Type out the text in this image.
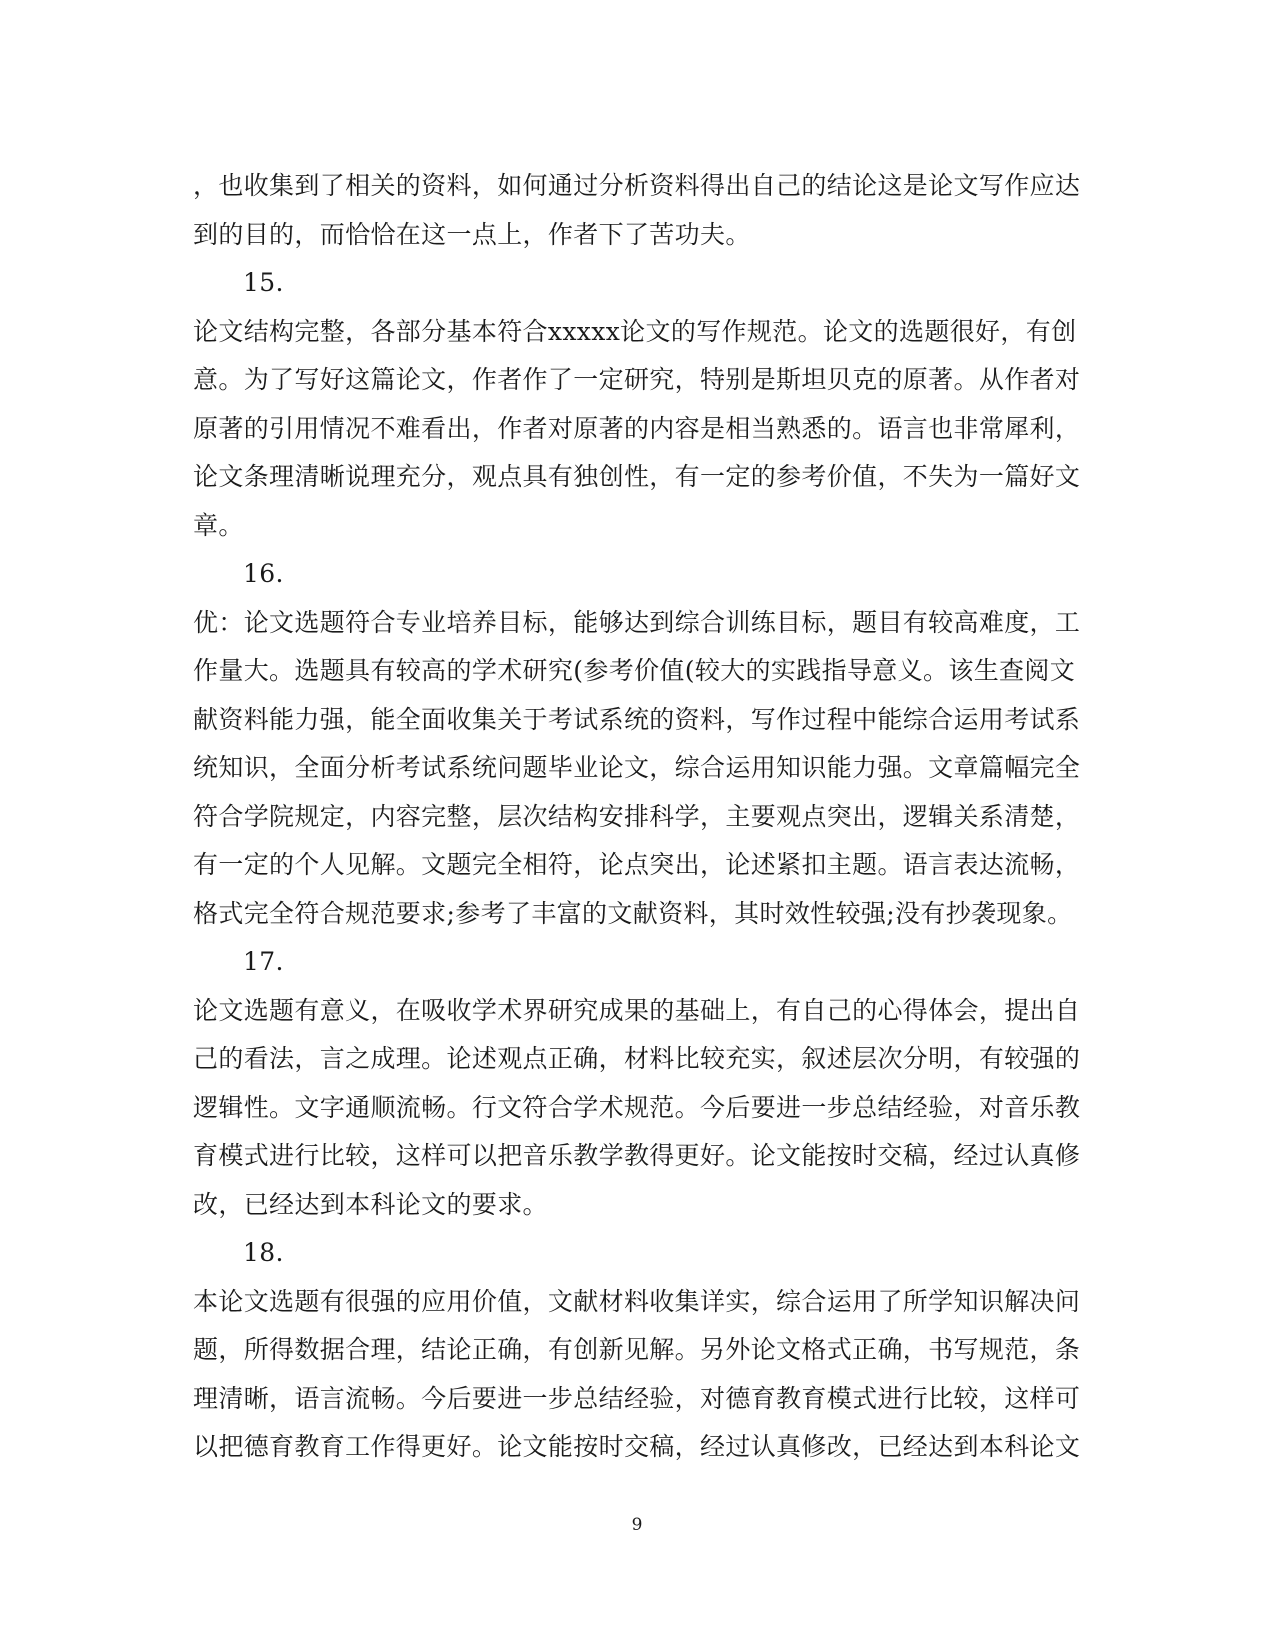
，也收集到了相关的资料，如何通过分析资料得出自己的结论这是论文写作应达
到的目的，而恰恰在这一点上，作者下了苦功夫。
15.
论文结构完整，各部分基本符合xxxxx论文的写作规范。论文的选题很好，有创
意。为了写好这篇论文，作者作了一定研究，特别是斯坦贝克的原著。从作者对
原著的引用情况不难看出，作者对原著的内容是相当熟悉的。语言也非常犀利，
论文条理清晰说理充分，观点具有独创性，有一定的参考价值，不失为一篇好文
章。
16.
优：论文选题符合专业培养目标，能够达到综合训练目标，题目有较高难度，工
作量大。选题具有较高的学术研究(参考价值(较大的实践指导意义。该生查阅文
献资料能力强，能全面收集关于考试系统的资料，写作过程中能综合运用考试系
统知识，全面分析考试系统问题毕业论文，综合运用知识能力强。文章篇幅完全
符合学院规定，内容完整，层次结构安排科学，主要观点突出，逻辑关系清楚，
有一定的个人见解。文题完全相符，论点突出，论述紧扣主题。语言表达流畅，
格式完全符合规范要求;参考了丰富的文献资料，其时效性较强;没有抄袭现象。
17.
论文选题有意义，在吸收学术界研究成果的基础上，有自己的心得体会，提出自
己的看法，言之成理。论述观点正确，材料比较充实，叙述层次分明，有较强的
逻辑性。文字通顺流畅。行文符合学术规范。今后要进一步总结经验，对音乐教
育模式进行比较，这样可以把音乐教学教得更好。论文能按时交稿，经过认真修
改，已经达到本科论文的要求。
18.
本论文选题有很强的应用价值，文献材料收集详实，综合运用了所学知识解决问
题，所得数据合理，结论正确，有创新见解。另外论文格式正确，书写规范，条
理清晰，语言流畅。今后要进一步总结经验，对德育教育模式进行比较，这样可
以把德育教育工作得更好。论文能按时交稿，经过认真修改，已经达到本科论文
9
